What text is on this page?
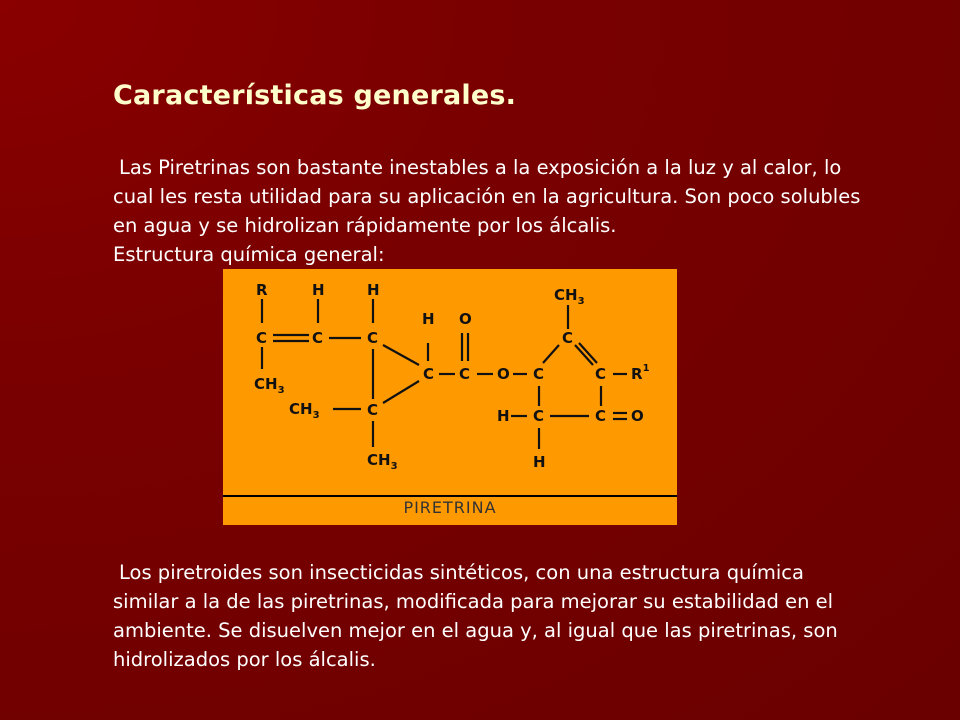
Características generales.
Las Piretrinas son bastante inestables a la exposición a la luz y al calor, lo cual les resta utilidad para su aplicación en la agricultura. Son poco solubles en agua y se hidrolizan rápidamente por los álcalis.
Estructura química general:
R
C
$CH_3$
H
C
H
C
$CH_3$	C
$CH_3$
H
C
O
C O C
C
$CH_3$
C $R^1$
H C	C O
H
PIRETRINA
Los piretroides son insecticidas sintéticos, con una estructura química similar a la de las piretrinas, modificada para mejorar su estabilidad en el ambiente. Se disuelven mejor en el agua y, al igual que las piretrinas, son hidrolizados por los álcalis.
